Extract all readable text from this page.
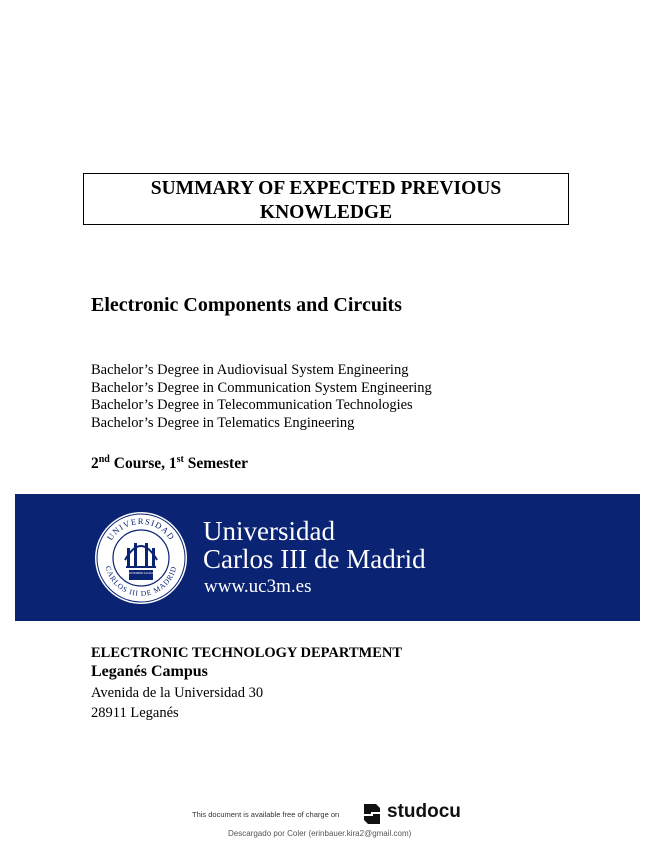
SUMMARY OF EXPECTED PREVIOUS
KNOWLEDGE
Electronic Components and Circuits
Bachelor’s Degree in Audiovisual System Engineering
Bachelor’s Degree in Communication System Engineering
Bachelor’s Degree in Telecommunication Technologies
Bachelor’s Degree in Telematics Engineering
2nd Course, 1st Semester
UNIVERSIDAD
CARLOS III DE MADRID
HOMO HOMINI SACRA RES
Universidad
Carlos III de Madrid
www.uc3m.es
ELECTRONIC TECHNOLOGY DEPARTMENT
Leganés Campus
Avenida de la Universidad 30
28911 Leganés
This document is available free of charge on	studocu
Descargado por Coler (erinbauer.kira2@gmail.com)
